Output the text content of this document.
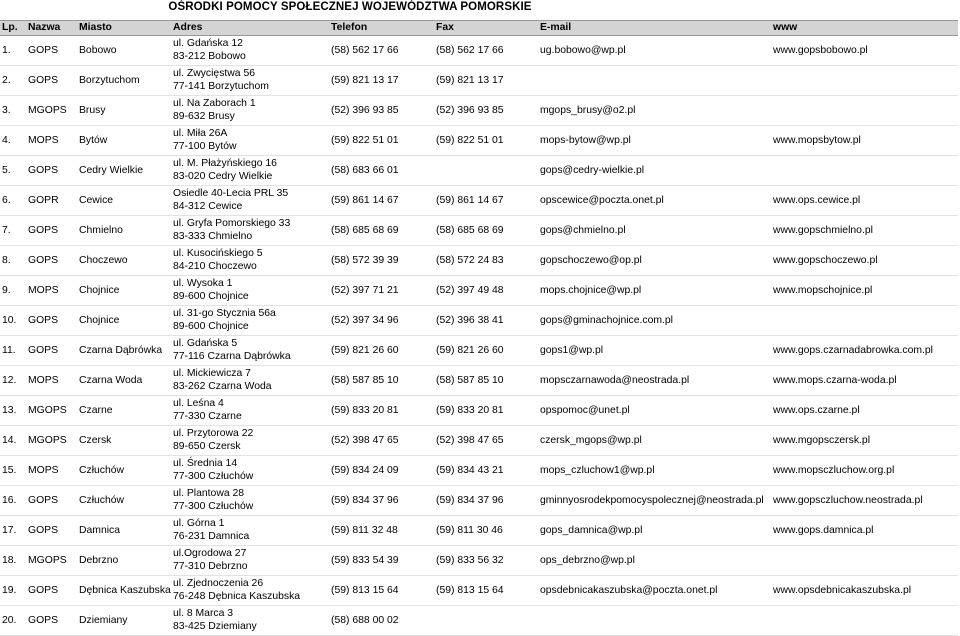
OŚRODKI POMOCY SPOŁECZNEJ WOJEWÓDZTWA POMORSKIE
Lp.	Nazwa	Miasto	Adres	Telefon	Fax	E-mail	www
1.	GOPS	Bobowo	ul. Gdańska 12
83-212 Bobowo	(58) 562 17 66	(58) 562 17 66	ug.bobowo@wp.pl	www.gopsbobowo.pl
2.	GOPS	Borzytuchom	ul. Zwycięstwa 56
77-141 Borzytuchom	(59) 821 13 17	(59) 821 13 17		
3.	MGOPS	Brusy	ul. Na Zaborach 1
89-632 Brusy	(52) 396 93 85	(52) 396 93 85	mgops_brusy@o2.pl	
4.	MOPS	Bytów	ul. Miła 26A
77-100 Bytów	(59) 822 51 01	(59) 822 51 01	mops-bytow@wp.pl	www.mopsbytow.pl
5.	GOPS	Cedry Wielkie	ul. M. Płażyńskiego 16
83-020 Cedry Wielkie	(58) 683 66 01		gops@cedry-wielkie.pl	
6.	GOPR	Cewice	Osiedle 40-Lecia PRL 35
84-312 Cewice	(59) 861 14 67	(59) 861 14 67	opscewice@poczta.onet.pl	www.ops.cewice.pl
7.	GOPS	Chmielno	ul. Gryfa Pomorskiego 33
83-333 Chmielno	(58) 685 68 69	(58) 685 68 69	gops@chmielno.pl	www.gopschmielno.pl
8.	GOPS	Choczewo	ul. Kusocińskiego 5
84-210 Choczewo	(58) 572 39 39	(58) 572 24 83	gopschoczewo@op.pl	www.gopschoczewo.pl
9.	MOPS	Chojnice	ul. Wysoka 1
89-600 Chojnice	(52) 397 71 21	(52) 397 49 48	mops.chojnice@wp.pl	www.mopschojnice.pl
10.	GOPS	Chojnice	ul. 31-go Stycznia 56a
89-600 Chojnice	(52) 397 34 96	(52) 396 38 41	gops@gminachojnice.com.pl	
11.	GOPS	Czarna Dąbrówka	ul. Gdańska 5
77-116 Czarna Dąbrówka	(59) 821 26 60	(59) 821 26 60	gops1@wp.pl	www.gops.czarnadabrowka.com.pl
12.	MOPS	Czarna Woda	ul. Mickiewicza 7
83-262 Czarna Woda	(58) 587 85 10	(58) 587 85 10	mopsczarnawoda@neostrada.pl	www.mops.czarna-woda.pl
13.	MGOPS	Czarne	ul. Leśna 4
77-330 Czarne	(59) 833 20 81	(59) 833 20 81	opspomoc@unet.pl	www.ops.czarne.pl
14.	MGOPS	Czersk	ul. Przytorowa 22
89-650 Czersk	(52) 398 47 65	(52) 398 47 65	czersk_mgops@wp.pl	www.mgopsczersk.pl
15.	MOPS	Człuchów	ul. Średnia 14
77-300 Człuchów	(59) 834 24 09	(59) 834 43 21	mops_czluchow1@wp.pl	www.mopsczluchow.org.pl
16.	GOPS	Człuchów	ul. Plantowa 28
77-300 Człuchów	(59) 834 37 96	(59) 834 37 96	gminnyosrodekpomocyspolecznej@neostrada.pl	www.gopsczluchow.neostrada.pl
17.	GOPS	Damnica	ul. Górna 1
76-231 Damnica	(59) 811 32 48	(59) 811 30 46	gops_damnica@wp.pl	www.gops.damnica.pl
18.	MGOPS	Debrzno	ul.Ogrodowa 27
77-310 Debrzno	(59) 833 54 39	(59) 833 56 32	ops_debrzno@wp.pl	
19.	GOPS	Dębnica Kaszubska	ul. Zjednoczenia 26
76-248 Dębnica Kaszubska	(59) 813 15 64	(59) 813 15 64	opsdebnicakaszubska@poczta.onet.pl	www.opsdebnicakaszubska.pl
20.	GOPS	Dziemiany	ul. 8 Marca 3
83-425 Dziemiany	(58) 688 00 02			
